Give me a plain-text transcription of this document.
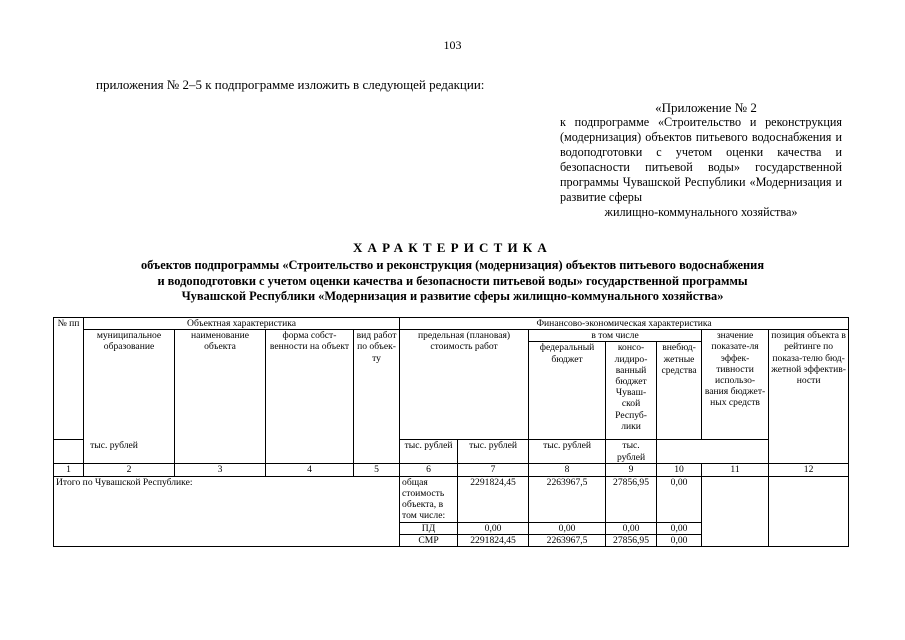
103
приложения № 2–5 к подпрограмме изложить в следующей редакции:
«Приложение № 2
к подпрограмме «Строительство и реконструкция (модернизация) объектов питьевого водоснабжения и водоподготовки с учетом оценки качества и безопасности питьевой воды» государственной программы Чувашской Республики «Модернизация и развитие сферы
жилищно-коммунального хозяйства»
ХАРАКТЕРИСТИКА
объектов подпрограммы «Строительство и реконструкция (модернизация) объектов питьевого водоснабжения
и водоподготовки с учетом оценки качества и безопасности питьевой воды» государственной программы
Чувашской Республики «Модернизация и развитие сферы жилищно-коммунального хозяйства»
№ пп	Объектная характеристика				Финансово-экономическая характеристика						
	муниципальное образование	наименование объекта	форма собст-венности на объект	вид работ по объек-ту	предельная (плановая) стоимость работ		в том числе			значение показате-ля эффек-тивности использо-вания бюджет-ных средств	позиция объекта в рейтинге по показа-телю бюд-жетной эффектив-ности
							федеральный бюджет	консо-лидиро-ванный бюджет Чуваш-ской Респуб-лики	внебюд-жетные средства		
тыс. рублей					тыс. рублей	тыс. рублей	тыс. рублей	тыс. рублей			
1	2	3	4	5	6	7	8	9	10	11	12
Итого по Чувашской Республике:					общая стоимость объекта, в том числе:	2291824,45	2263967,5	27856,95	0,00		
					ПД	0,00	0,00	0,00	0,00		
					СМР	2291824,45	2263967,5	27856,95	0,00		
